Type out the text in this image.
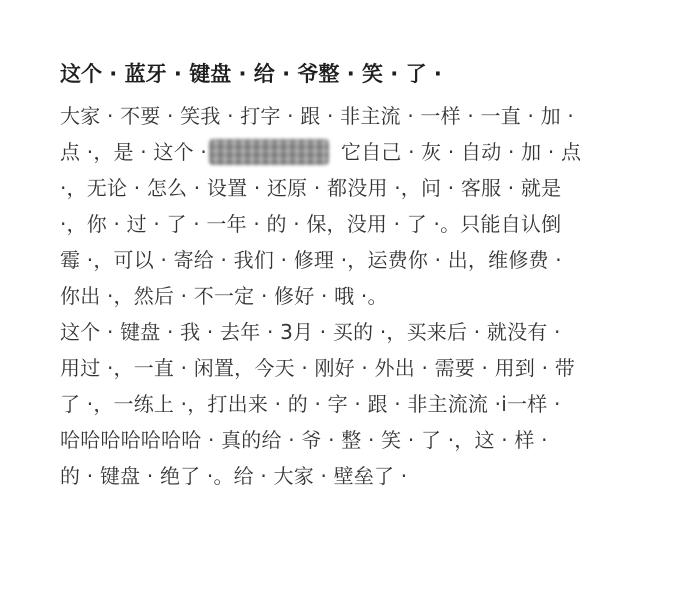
这个 · 蓝牙 · 键盘 · 给 · 爷整 · 笑 · 了 ·
大家 · 不要 · 笑我 · 打字 · 跟 · 非主流 · 一样 · 一直 · 加 ·
点 ·，是 · 这个 ·	它自己 · 灰 · 自动 · 加 · 点
·，无论 · 怎么 · 设置 · 还原 · 都没用 ·，问 · 客服 · 就是
·，你 · 过 · 了 · 一年 · 的 · 保，没用 · 了 ·。只能自认倒
霉 ·，可以 · 寄给 · 我们 · 修理 ·，运费你 · 出，维修费 ·
你出 ·，然后 · 不一定 · 修好 · 哦 ·。
这个 · 键盘 · 我 · 去年 · 3月 · 买的 ·，买来后 · 就没有 ·
用过 ·，一直 · 闲置，今天 · 刚好 · 外出 · 需要 · 用到 · 带
了 ·，一练上 ·，打出来 · 的 · 字 · 跟 · 非主流流 ·i一样 ·
哈哈哈哈哈哈哈 · 真的给 · 爷 · 整 · 笑 · 了 ·，这 · 样 ·
的 · 键盘 · 绝了 ·。给 · 大家 · 壁垒了 ·
